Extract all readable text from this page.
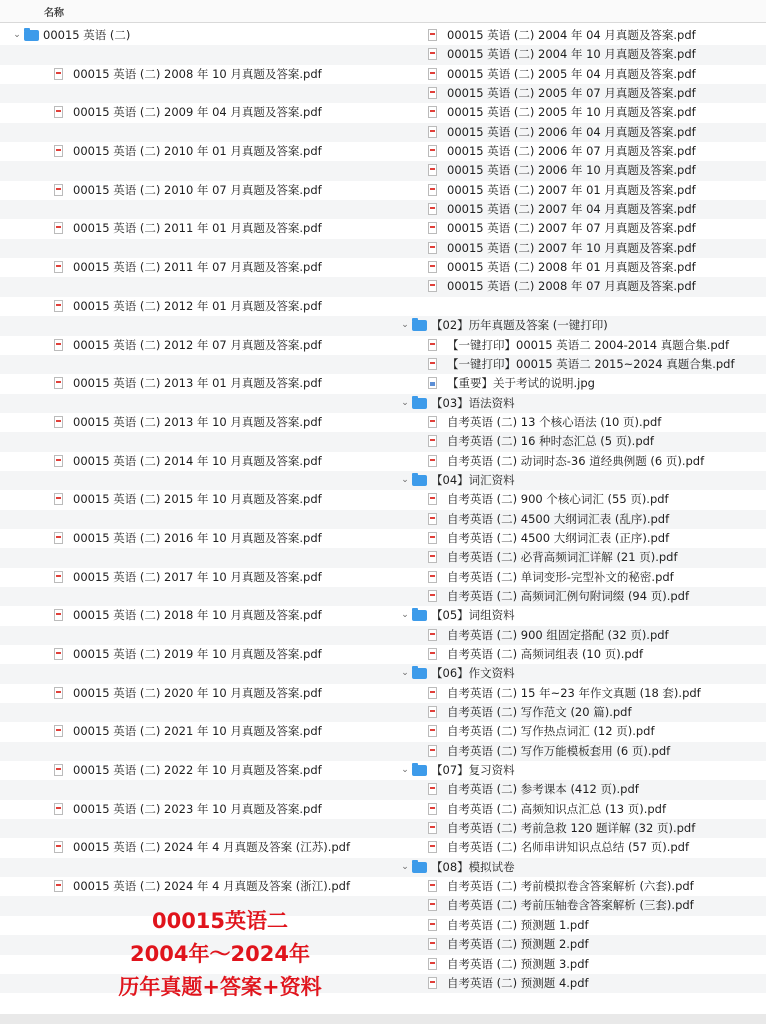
名称
⌄ 00015 英语 (二)
⌄ 【01】历年真题及答案 (2004～2024)
00015 英语 (二) 2008 年 10 月真题及答案.pdf
00015 英语 (二) 2009 年 01 月真题及答案.pdf
00015 英语 (二) 2009 年 04 月真题及答案.pdf
00015 英语 (二) 2009 年 07 月真题及答案.pdf
00015 英语 (二) 2010 年 01 月真题及答案.pdf
00015 英语 (二) 2010 年 04 月真题及答案.pdf
00015 英语 (二) 2010 年 07 月真题及答案.pdf
00015 英语 (二) 2010 年 10 月真题及答案.pdf
00015 英语 (二) 2011 年 01 月真题及答案.pdf
00015 英语 (二) 2011 年 04 月真题及答案.pdf
00015 英语 (二) 2011 年 07 月真题及答案.pdf
00015 英语 (二) 2011 年 10 月真题及答案.pdf
00015 英语 (二) 2012 年 01 月真题及答案.pdf
00015 英语 (二) 2012 年 04 月真题及答案.pdf
00015 英语 (二) 2012 年 07 月真题及答案.pdf
00015 英语 (二) 2012 年 10 月真题及答案.pdf
00015 英语 (二) 2013 年 01 月真题及答案.pdf
00015 英语 (二) 2013 年 04 月真题及答案.pdf
00015 英语 (二) 2013 年 10 月真题及答案.pdf
00015 英语 (二) 2014 年 04 月真题及答案.pdf
00015 英语 (二) 2014 年 10 月真题及答案.pdf
00015 英语 (二) 2015 年 4 月真题及答案.pdf
00015 英语 (二) 2015 年 10 月真题及答案.pdf
00015 英语 (二) 2016 年 04 月真题及答案.pdf
00015 英语 (二) 2016 年 10 月真题及答案.pdf
00015 英语 (二) 2017 年 04 月真题及答案.pdf
00015 英语 (二) 2017 年 10 月真题及答案.pdf
00015 英语 (二) 2018 年 4 月真题及答案.pdf
00015 英语 (二) 2018 年 10 月真题及答案.pdf
00015 英语 (二) 2019 年 4 月真题及答案.pdf
00015 英语 (二) 2019 年 10 月真题及答案.pdf
00015 英语 (二) 2020 年 08 月真题及答案.pdf
00015 英语 (二) 2020 年 10 月真题及答案.pdf
00015 英语 (二) 2021 年 04 月真题及答案.pdf
00015 英语 (二) 2021 年 10 月真题及答案.pdf
00015 英语 (二) 2022 年 04 月真题及答案.pdf
00015 英语 (二) 2022 年 10 月真题及答案.pdf
00015 英语 (二) 2023 年 04 月真题及答案.pdf
00015 英语 (二) 2023 年 10 月真题及答案.pdf
00015 英语 (二) 2024 年 4 月真题及答案 (广东).pdf
00015 英语 (二) 2024 年 4 月真题及答案 (江苏).pdf
00015 英语 (二) 2024 年 4 月真题及答案 (上海).pdf
00015 英语 (二) 2024 年 4 月真题及答案 (浙江).pdf
00015 英语 (二) 2004 年 04 月真题及答案.pdf
00015 英语 (二) 2004 年 10 月真题及答案.pdf
00015 英语 (二) 2005 年 04 月真题及答案.pdf
00015 英语 (二) 2005 年 07 月真题及答案.pdf
00015 英语 (二) 2005 年 10 月真题及答案.pdf
00015 英语 (二) 2006 年 04 月真题及答案.pdf
00015 英语 (二) 2006 年 07 月真题及答案.pdf
00015 英语 (二) 2006 年 10 月真题及答案.pdf
00015 英语 (二) 2007 年 01 月真题及答案.pdf
00015 英语 (二) 2007 年 04 月真题及答案.pdf
00015 英语 (二) 2007 年 07 月真题及答案.pdf
00015 英语 (二) 2007 年 10 月真题及答案.pdf
00015 英语 (二) 2008 年 01 月真题及答案.pdf
00015 英语 (二) 2008 年 07 月真题及答案.pdf
⌄ 【02】历年真题及答案 (一键打印)
【一键打印】00015 英语二 2004-2014 真题合集.pdf
【一键打印】00015 英语二 2015~2024 真题合集.pdf
【重要】关于考试的说明.jpg
⌄ 【03】语法资料
自考英语 (二) 13 个核心语法 (10 页).pdf
自考英语 (二) 16 种时态汇总 (5 页).pdf
自考英语 (二) 动词时态-36 道经典例题 (6 页).pdf
⌄ 【04】词汇资料
自考英语 (二) 900 个核心词汇 (55 页).pdf
自考英语 (二) 4500 大纲词汇表 (乱序).pdf
自考英语 (二) 4500 大纲词汇表 (正序).pdf
自考英语 (二) 必背高频词汇详解 (21 页).pdf
自考英语 (二) 单词变形-完型补文的秘密.pdf
自考英语 (二) 高频词汇例句附词缀 (94 页).pdf
⌄ 【05】词组资料
自考英语 (二) 900 组固定搭配 (32 页).pdf
自考英语 (二) 高频词组表 (10 页).pdf
⌄ 【06】作文资料
自考英语 (二) 15 年~23 年作文真题 (18 套).pdf
自考英语 (二) 写作范文 (20 篇).pdf
自考英语 (二) 写作热点词汇 (12 页).pdf
自考英语 (二) 写作万能模板套用 (6 页).pdf
⌄ 【07】复习资料
自考英语 (二) 参考课本 (412 页).pdf
自考英语 (二) 高频知识点汇总 (13 页).pdf
自考英语 (二) 考前急救 120 题详解 (32 页).pdf
自考英语 (二) 名师串讲知识点总结 (57 页).pdf
⌄ 【08】模拟试卷
自考英语 (二) 考前模拟卷含答案解析 (六套).pdf
自考英语 (二) 考前压轴卷含答案解析 (三套).pdf
自考英语 (二) 预测题 1.pdf
自考英语 (二) 预测题 2.pdf
自考英语 (二) 预测题 3.pdf
自考英语 (二) 预测题 4.pdf
00015英语二
2004年～2024年
历年真题+答案+资料
